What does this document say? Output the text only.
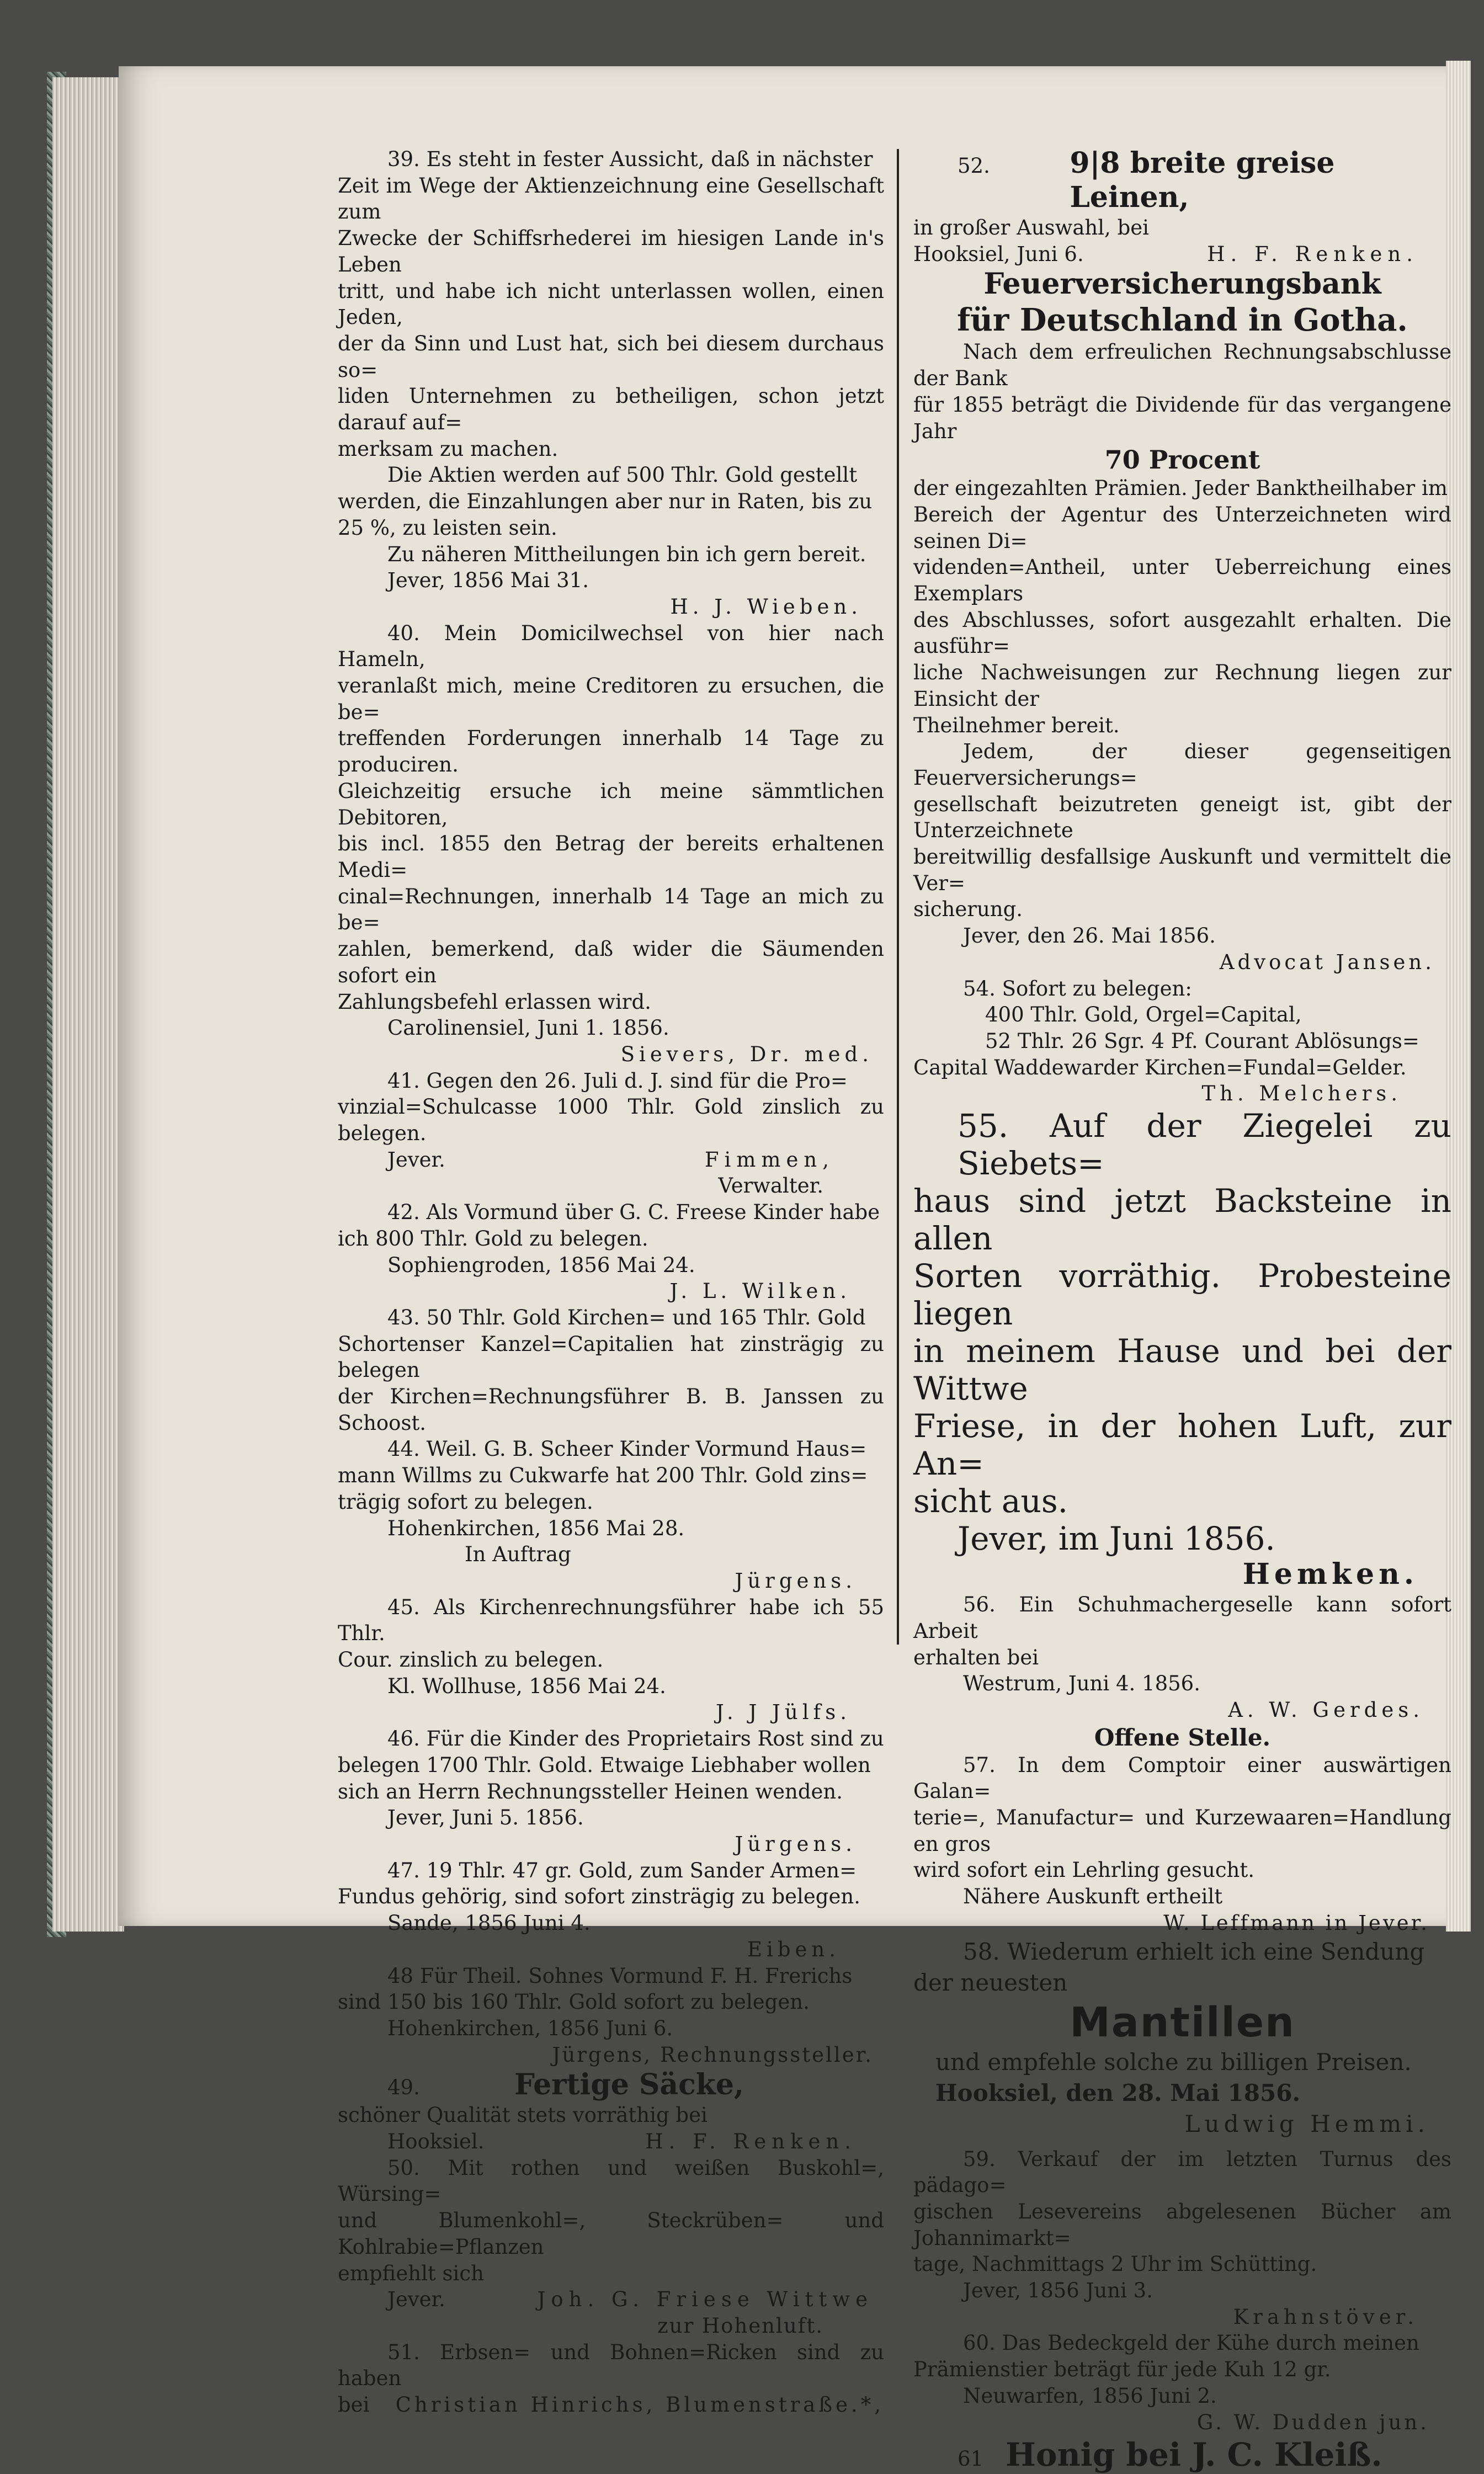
39. Es steht in fester Aussicht, daß in nächster

Zeit im Wege der Aktienzeichnung eine Gesellschaft zum

Zwecke der Schiffsrhederei im hiesigen Lande in's Leben

tritt, und habe ich nicht unterlassen wollen, einen Jeden,

der da Sinn und Lust hat, sich bei diesem durchaus so=

liden Unternehmen zu betheiligen, schon jetzt darauf auf=

merksam zu machen.

Die Aktien werden auf 500 Thlr. Gold gestellt

werden, die Einzahlungen aber nur in Raten, bis zu

25 %, zu leisten sein.

Zu näheren Mittheilungen bin ich gern bereit.

Jever, 1856 Mai 31.

H. J. Wieben.

40. Mein Domicilwechsel von hier nach Hameln,

veranlaßt mich, meine Creditoren zu ersuchen, die be=

treffenden Forderungen innerhalb 14 Tage zu produciren.

Gleichzeitig ersuche ich meine sämmtlichen Debitoren,

bis incl. 1855 den Betrag der bereits erhaltenen Medi=

cinal=Rechnungen, innerhalb 14 Tage an mich zu be=

zahlen, bemerkend, daß wider die Säumenden sofort ein

Zahlungsbefehl erlassen wird.

Carolinensiel, Juni 1. 1856.

Sievers, Dr. med.

41. Gegen den 26. Juli d. J. sind für die Pro=

vinzial=Schulcasse 1000 Thlr. Gold zinslich zu belegen.

Jever.	Fimmen,

Verwalter.

42. Als Vormund über G. C. Freese Kinder habe

ich 800 Thlr. Gold zu belegen.

Sophiengroden, 1856 Mai 24.

J. L. Wilken.

43. 50 Thlr. Gold Kirchen= und 165 Thlr. Gold

Schortenser Kanzel=Capitalien hat zinsträgig zu belegen

der Kirchen=Rechnungsführer B. B. Janssen zu Schoost.

44. Weil. G. B. Scheer Kinder Vormund Haus=

mann Willms zu Cukwarfe hat 200 Thlr. Gold zins=

trägig sofort zu belegen.

Hohenkirchen, 1856 Mai 28.

In Auftrag

Jürgens.

45. Als Kirchenrechnungsführer habe ich 55 Thlr.

Cour. zinslich zu belegen.

Kl. Wollhuse, 1856 Mai 24.

J. J Jülfs.

46. Für die Kinder des Proprietairs Rost sind zu

belegen 1700 Thlr. Gold. Etwaige Liebhaber wollen

sich an Herrn Rechnungssteller Heinen wenden.

Jever, Juni 5. 1856.

Jürgens.

47. 19 Thlr. 47 gr. Gold, zum Sander Armen=

Fundus gehörig, sind sofort zinsträgig zu belegen.

Sande, 1856 Juni 4.

Eiben.

48 Für Theil. Sohnes Vormund F. H. Frerichs

sind 150 bis 160 Thlr. Gold sofort zu belegen.

Hohenkirchen, 1856 Juni 6.

Jürgens, Rechnungssteller.

49.	Fertige Säcke,

schöner Qualität stets vorräthig bei

Hooksiel.	H. F. Renken.

50. Mit rothen und weißen Buskohl=, Würsing=

und Blumenkohl=, Steckrüben= und Kohlrabie=Pflanzen

empfiehlt sich

Jever.	Joh. G. Friese Wittwe

zur Hohenluft.

51. Erbsen= und Bohnen=Ricken sind zu haben

bei Christian Hinrichs, Blumenstraße.*,
52.	9|8 breite greise Leinen,

in großer Auswahl, bei

Hooksiel, Juni 6.	H. F. Renken.

Feuerversicherungsbank

für Deutschland in Gotha.

Nach dem erfreulichen Rechnungsabschlusse der Bank

für 1855 beträgt die Dividende für das vergangene Jahr

70 Procent

der eingezahlten Prämien. Jeder Banktheilhaber im

Bereich der Agentur des Unterzeichneten wird seinen Di=

videnden=Antheil, unter Ueberreichung eines Exemplars

des Abschlusses, sofort ausgezahlt erhalten. Die ausführ=

liche Nachweisungen zur Rechnung liegen zur Einsicht der

Theilnehmer bereit.

Jedem, der dieser gegenseitigen Feuerversicherungs=

gesellschaft beizutreten geneigt ist, gibt der Unterzeichnete

bereitwillig desfallsige Auskunft und vermittelt die Ver=

sicherung.

Jever, den 26. Mai 1856.

Advocat Jansen.

54. Sofort zu belegen:

400 Thlr. Gold, Orgel=Capital,

52 Thlr. 26 Sgr. 4 Pf. Courant Ablösungs=

Capital Waddewarder Kirchen=Fundal=Gelder.

Th. Melchers.

55. Auf der Ziegelei zu Siebets=

haus sind jetzt Backsteine in allen

Sorten vorräthig. Probesteine liegen

in meinem Hause und bei der Wittwe

Friese, in der hohen Luft, zur An=

sicht aus.

Jever, im Juni 1856.

Hemken.

56. Ein Schuhmachergeselle kann sofort Arbeit

erhalten bei

Westrum, Juni 4. 1856.

A. W. Gerdes.

Offene Stelle.

57. In dem Comptoir einer auswärtigen Galan=

terie=, Manufactur= und Kurzewaaren=Handlung en gros

wird sofort ein Lehrling gesucht.

Nähere Auskunft ertheilt

W. Leffmann in Jever.

58. Wiederum erhielt ich eine Sendung

der neuesten

Mantillen

und empfehle solche zu billigen Preisen.

Hooksiel, den 28. Mai 1856.

Ludwig Hemmi.

59. Verkauf der im letzten Turnus des pädago=

gischen Lesevereins abgelesenen Bücher am Johannimarkt=

tage, Nachmittags 2 Uhr im Schütting.

Jever, 1856 Juni 3.

Krahnstöver.

60. Das Bedeckgeld der Kühe durch meinen

Prämienstier beträgt für jede Kuh 12 gr.

Neuwarfen, 1856 Juni 2.

G. W. Dudden jun.

61 Honig bei J. C. Kleiß.
